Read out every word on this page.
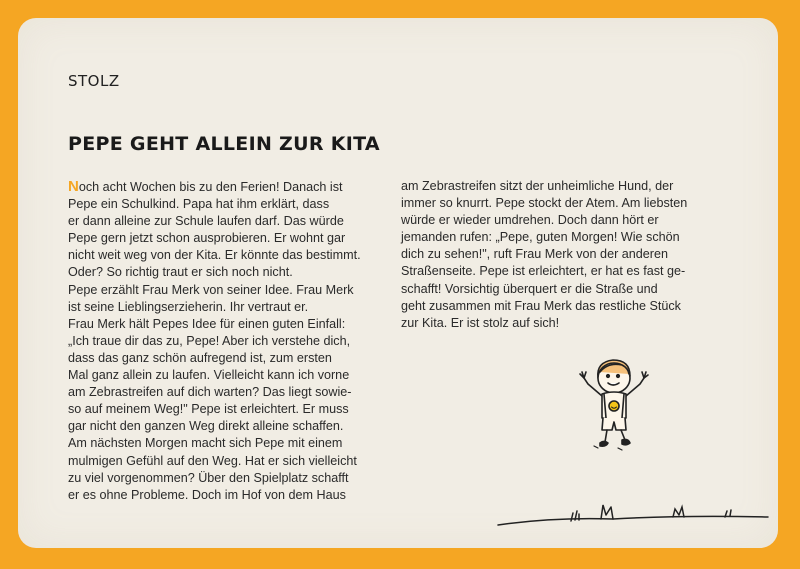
STOLZ
PEPE GEHT ALLEIN ZUR KITA
Noch acht Wochen bis zu den Ferien! Danach ist
Pepe ein Schulkind. Papa hat ihm erklärt, dass
er dann alleine zur Schule laufen darf. Das würde
Pepe gern jetzt schon ausprobieren. Er wohnt gar
nicht weit weg von der Kita. Er könnte das bestimmt.
Oder? So richtig traut er sich noch nicht.
Pepe erzählt Frau Merk von seiner Idee. Frau Merk
ist seine Lieblingserzieherin. Ihr vertraut er.
Frau Merk hält Pepes Idee für einen guten Einfall:
„Ich traue dir das zu, Pepe! Aber ich verstehe dich,
dass das ganz schön aufregend ist, zum ersten
Mal ganz allein zu laufen. Vielleicht kann ich vorne
am Zebrastreifen auf dich warten? Das liegt sowie-
so auf meinem Weg!" Pepe ist erleichtert. Er muss
gar nicht den ganzen Weg direkt alleine schaffen.
Am nächsten Morgen macht sich Pepe mit einem
mulmigen Gefühl auf den Weg. Hat er sich vielleicht
zu viel vorgenommen? Über den Spielplatz schafft
er es ohne Probleme. Doch im Hof von dem Haus
am Zebrastreifen sitzt der unheimliche Hund, der
immer so knurrt. Pepe stockt der Atem. Am liebsten
würde er wieder umdrehen. Doch dann hört er
jemanden rufen: „Pepe, guten Morgen! Wie schön
dich zu sehen!", ruft Frau Merk von der anderen
Straßenseite. Pepe ist erleichtert, er hat es fast ge-
schafft! Vorsichtig überquert er die Straße und
geht zusammen mit Frau Merk das restliche Stück
zur Kita. Er ist stolz auf sich!
